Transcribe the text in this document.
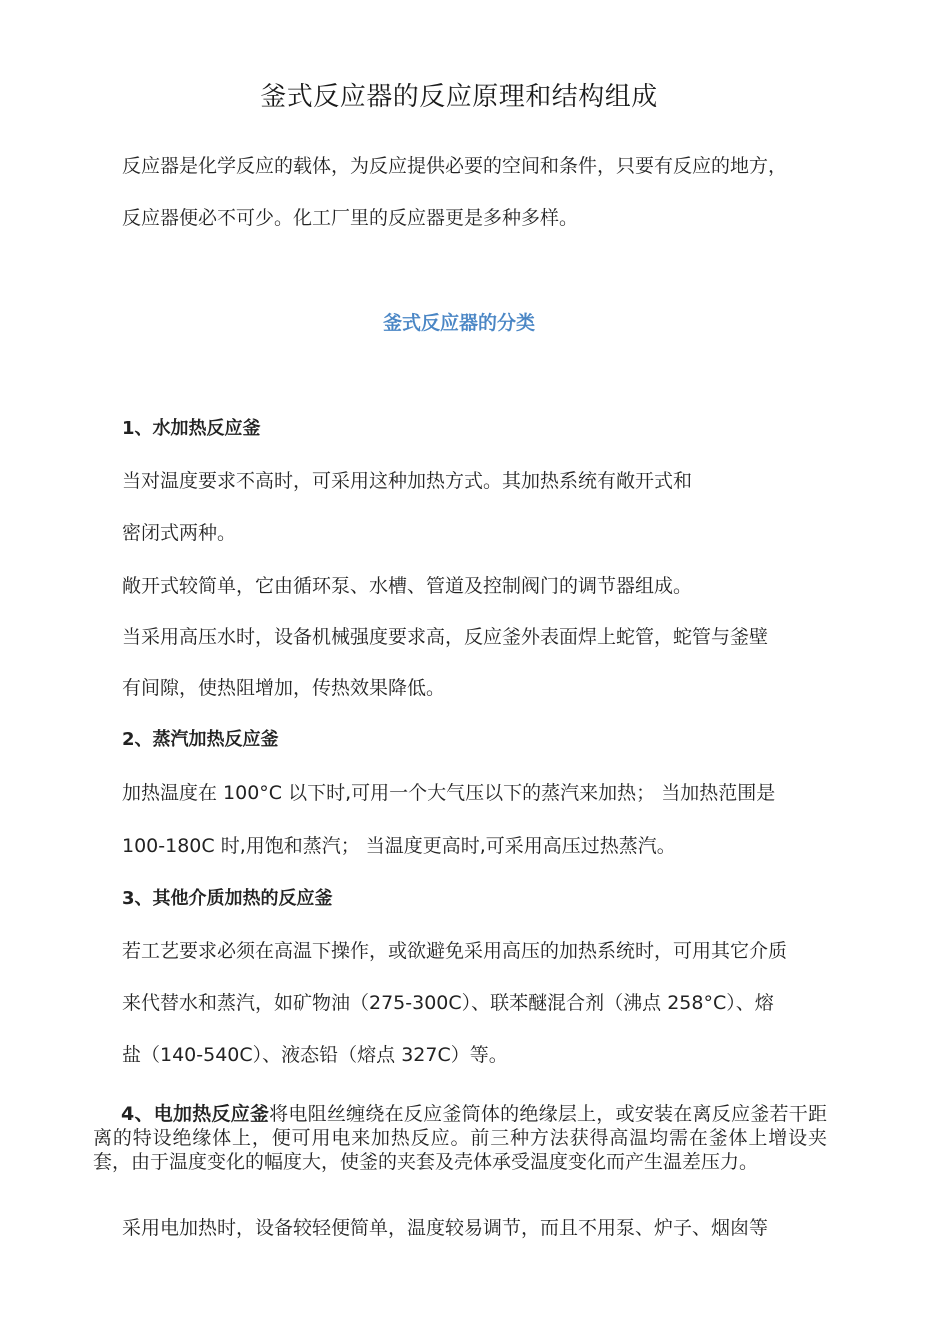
釜式反应器的反应原理和结构组成
反应器是化学反应的载体，为反应提供必要的空间和条件，只要有反应的地方，
反应器便必不可少。化工厂里的反应器更是多种多样。
釜式反应器的分类
1、水加热反应釜
当对温度要求不高时，可采用这种加热方式。其加热系统有敞开式和
密闭式两种。
敞开式较简单，它由循环泵、水槽、管道及控制阀门的调节器组成。
当采用高压水时，设备机械强度要求高，反应釜外表面焊上蛇管，蛇管与釜壁
有间隙，使热阻增加，传热效果降低。
2、蒸汽加热反应釜
加热温度在 100°C 以下时,可用一个大气压以下的蒸汽来加热； 当加热范围是
100-180C 时,用饱和蒸汽； 当温度更高时,可采用高压过热蒸汽。
3、其他介质加热的反应釜
若工艺要求必须在高温下操作，或欲避免采用高压的加热系统时，可用其它介质
来代替水和蒸汽，如矿物油（275-300C）、联苯醚混合剂（沸点 258°C）、熔
盐（140-540C）、液态铅（熔点 327C）等。
4、电加热反应釜将电阻丝缠绕在反应釜筒体的绝缘层上，或安装在离反应釜若干距离的特设绝缘体上，便可用电来加热反应。前三种方法获得高温均需在釜体上增设夹套，由于温度变化的幅度大，使釜的夹套及壳体承受温度变化而产生温差压力。
采用电加热时，设备较轻便简单，温度较易调节，而且不用泵、炉子、烟囱等
